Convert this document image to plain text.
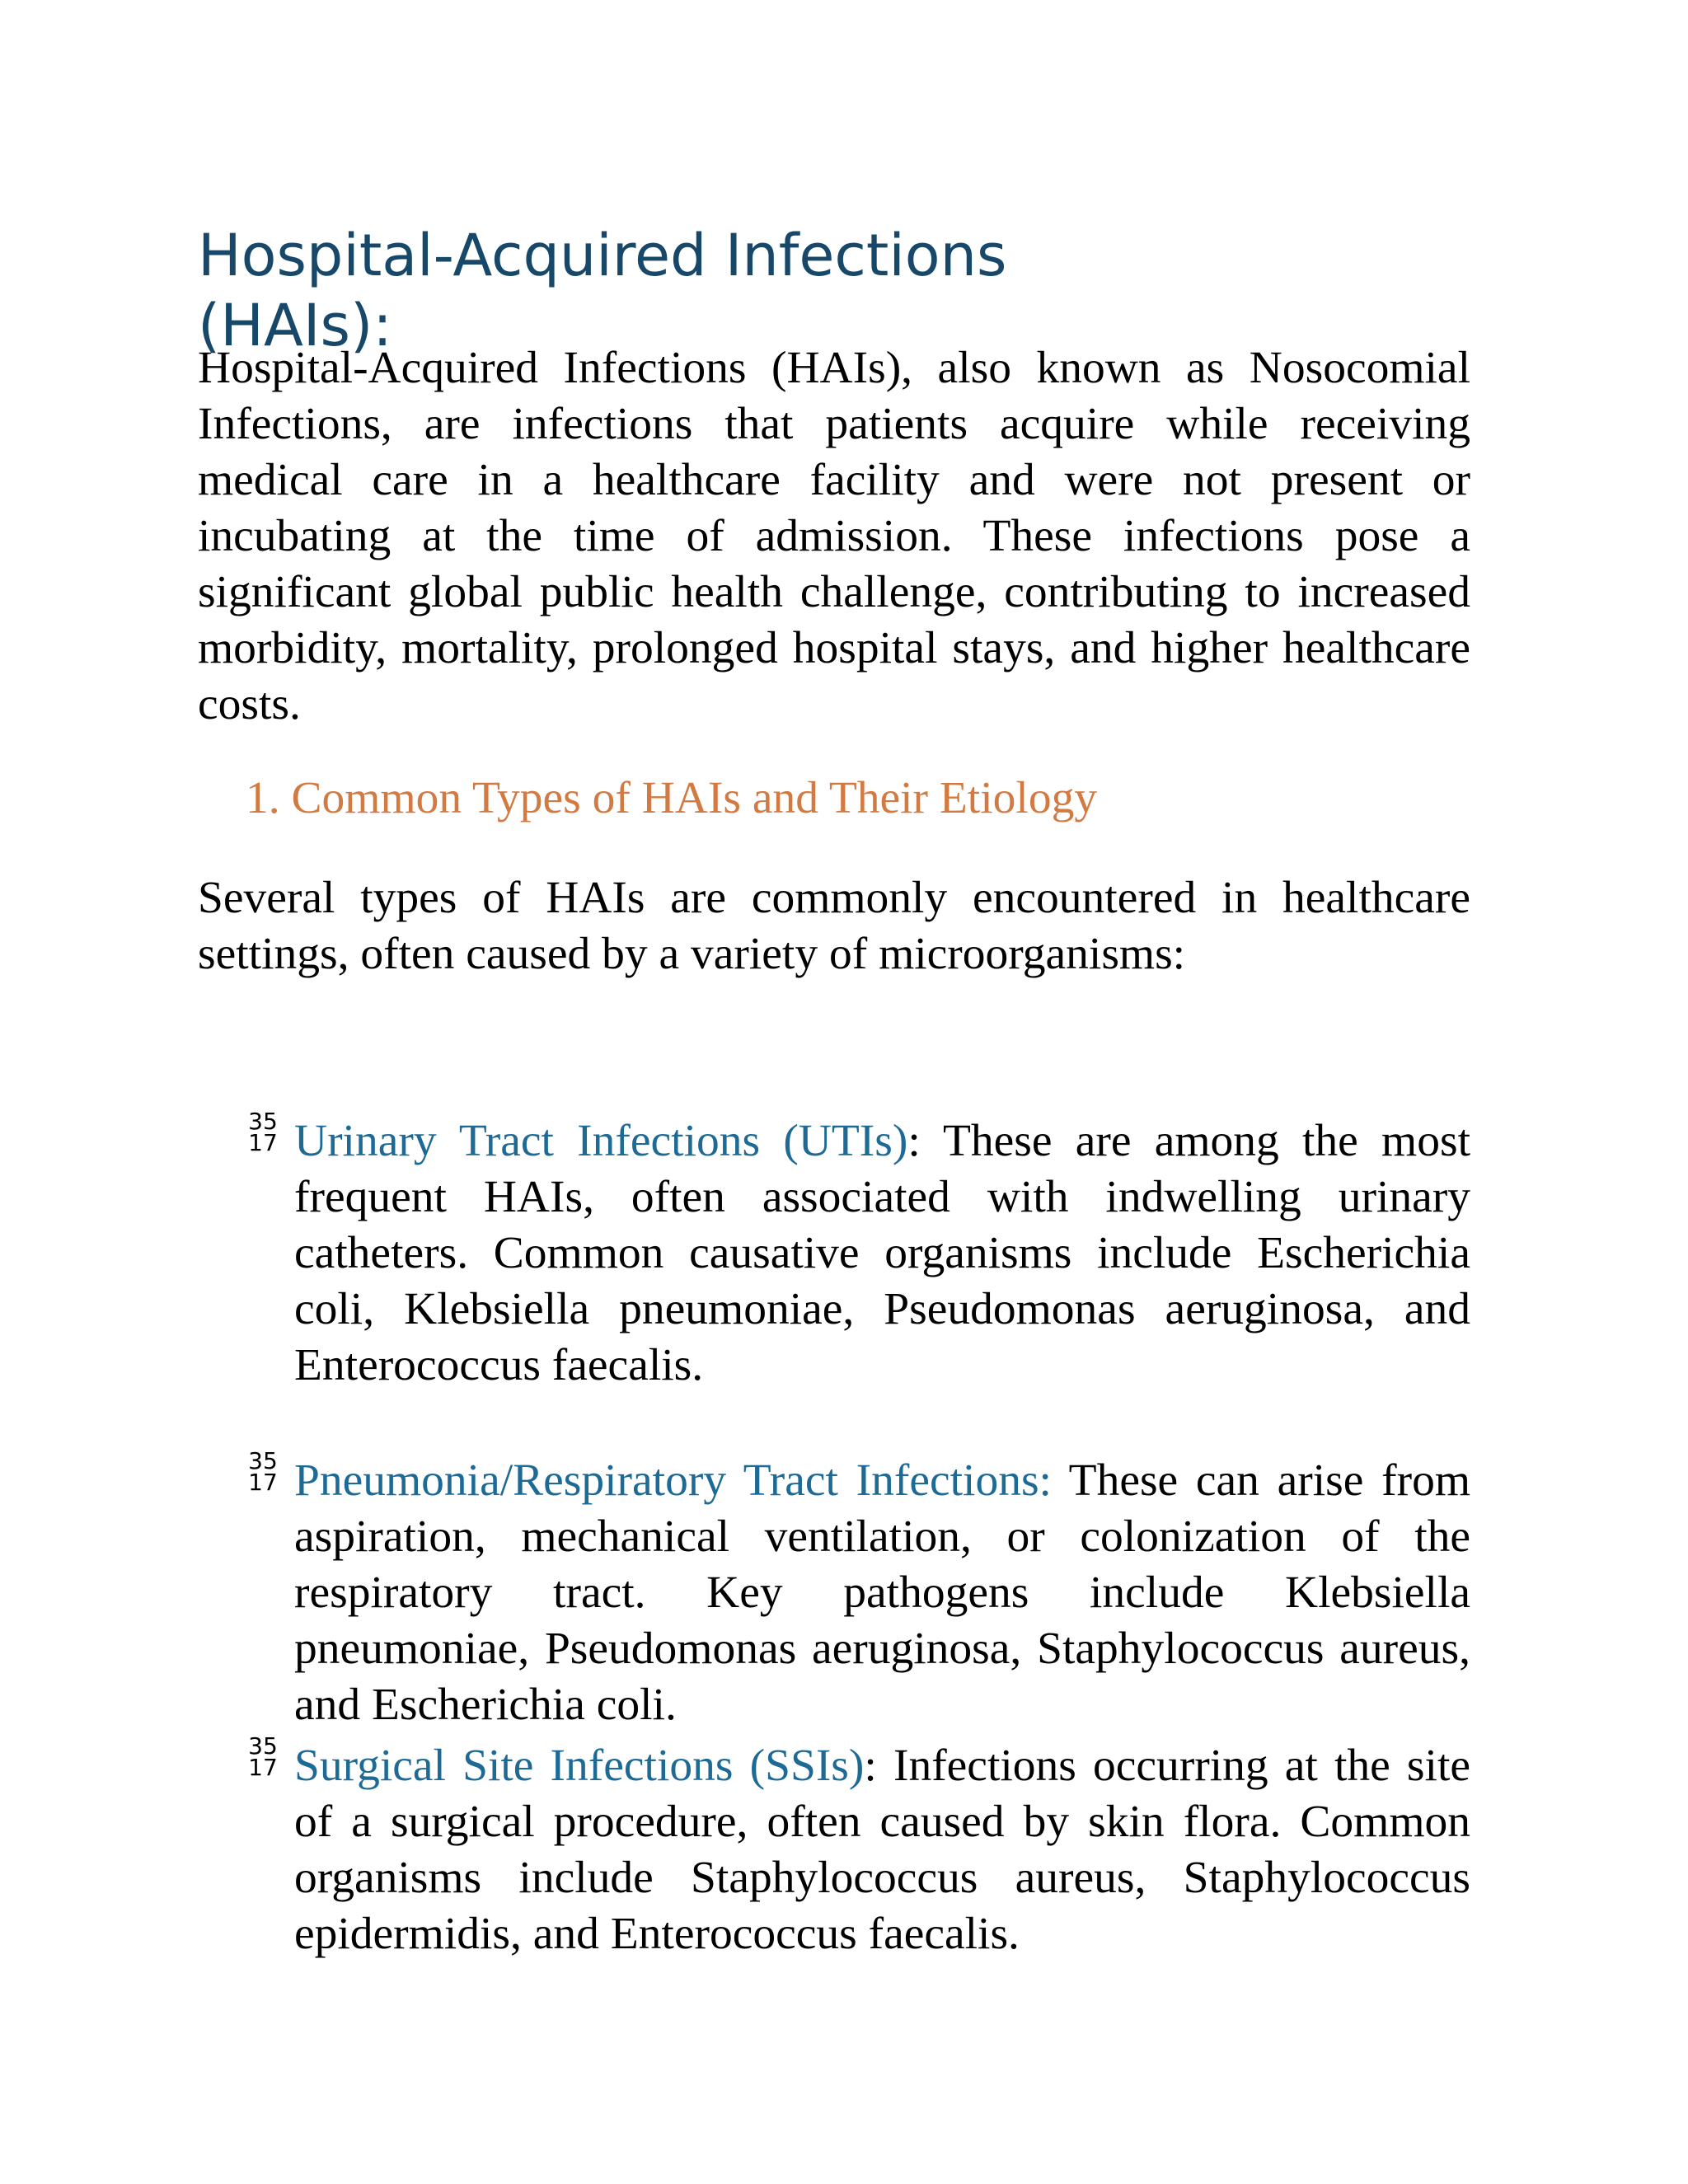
Hospital-Acquired Infections (HAIs):

Hospital-Acquired Infections (HAIs), also known as Nosocomial Infections, are infections that patients acquire while receiving medical care in a healthcare facility and were not present or incubating at the time of admission. These infections pose a significant global public health challenge, contributing to increased morbidity, mortality, prolonged hospital stays, and higher healthcare costs.

1. Common Types of HAIs and Their Etiology

Several types of HAIs are commonly encountered in healthcare settings, often caused by a variety of microorganisms:

35
17 Urinary Tract Infections (UTIs): These are among the most frequent HAIs, often associated with indwelling urinary catheters. Common causative organisms include Escherichia coli, Klebsiella pneumoniae, Pseudomonas aeruginosa, and Enterococcus faecalis.

35
17 Pneumonia/Respiratory Tract Infections: These can arise from aspiration, mechanical ventilation, or colonization of the respiratory tract. Key pathogens include Klebsiella pneumoniae, Pseudomonas aeruginosa, Staphylococcus aureus, and Escherichia coli.

35
17 Surgical Site Infections (SSIs): Infections occurring at the site of a surgical procedure, often caused by skin flora. Common organisms include Staphylococcus aureus, Staphylococcus epidermidis, and Enterococcus faecalis.
